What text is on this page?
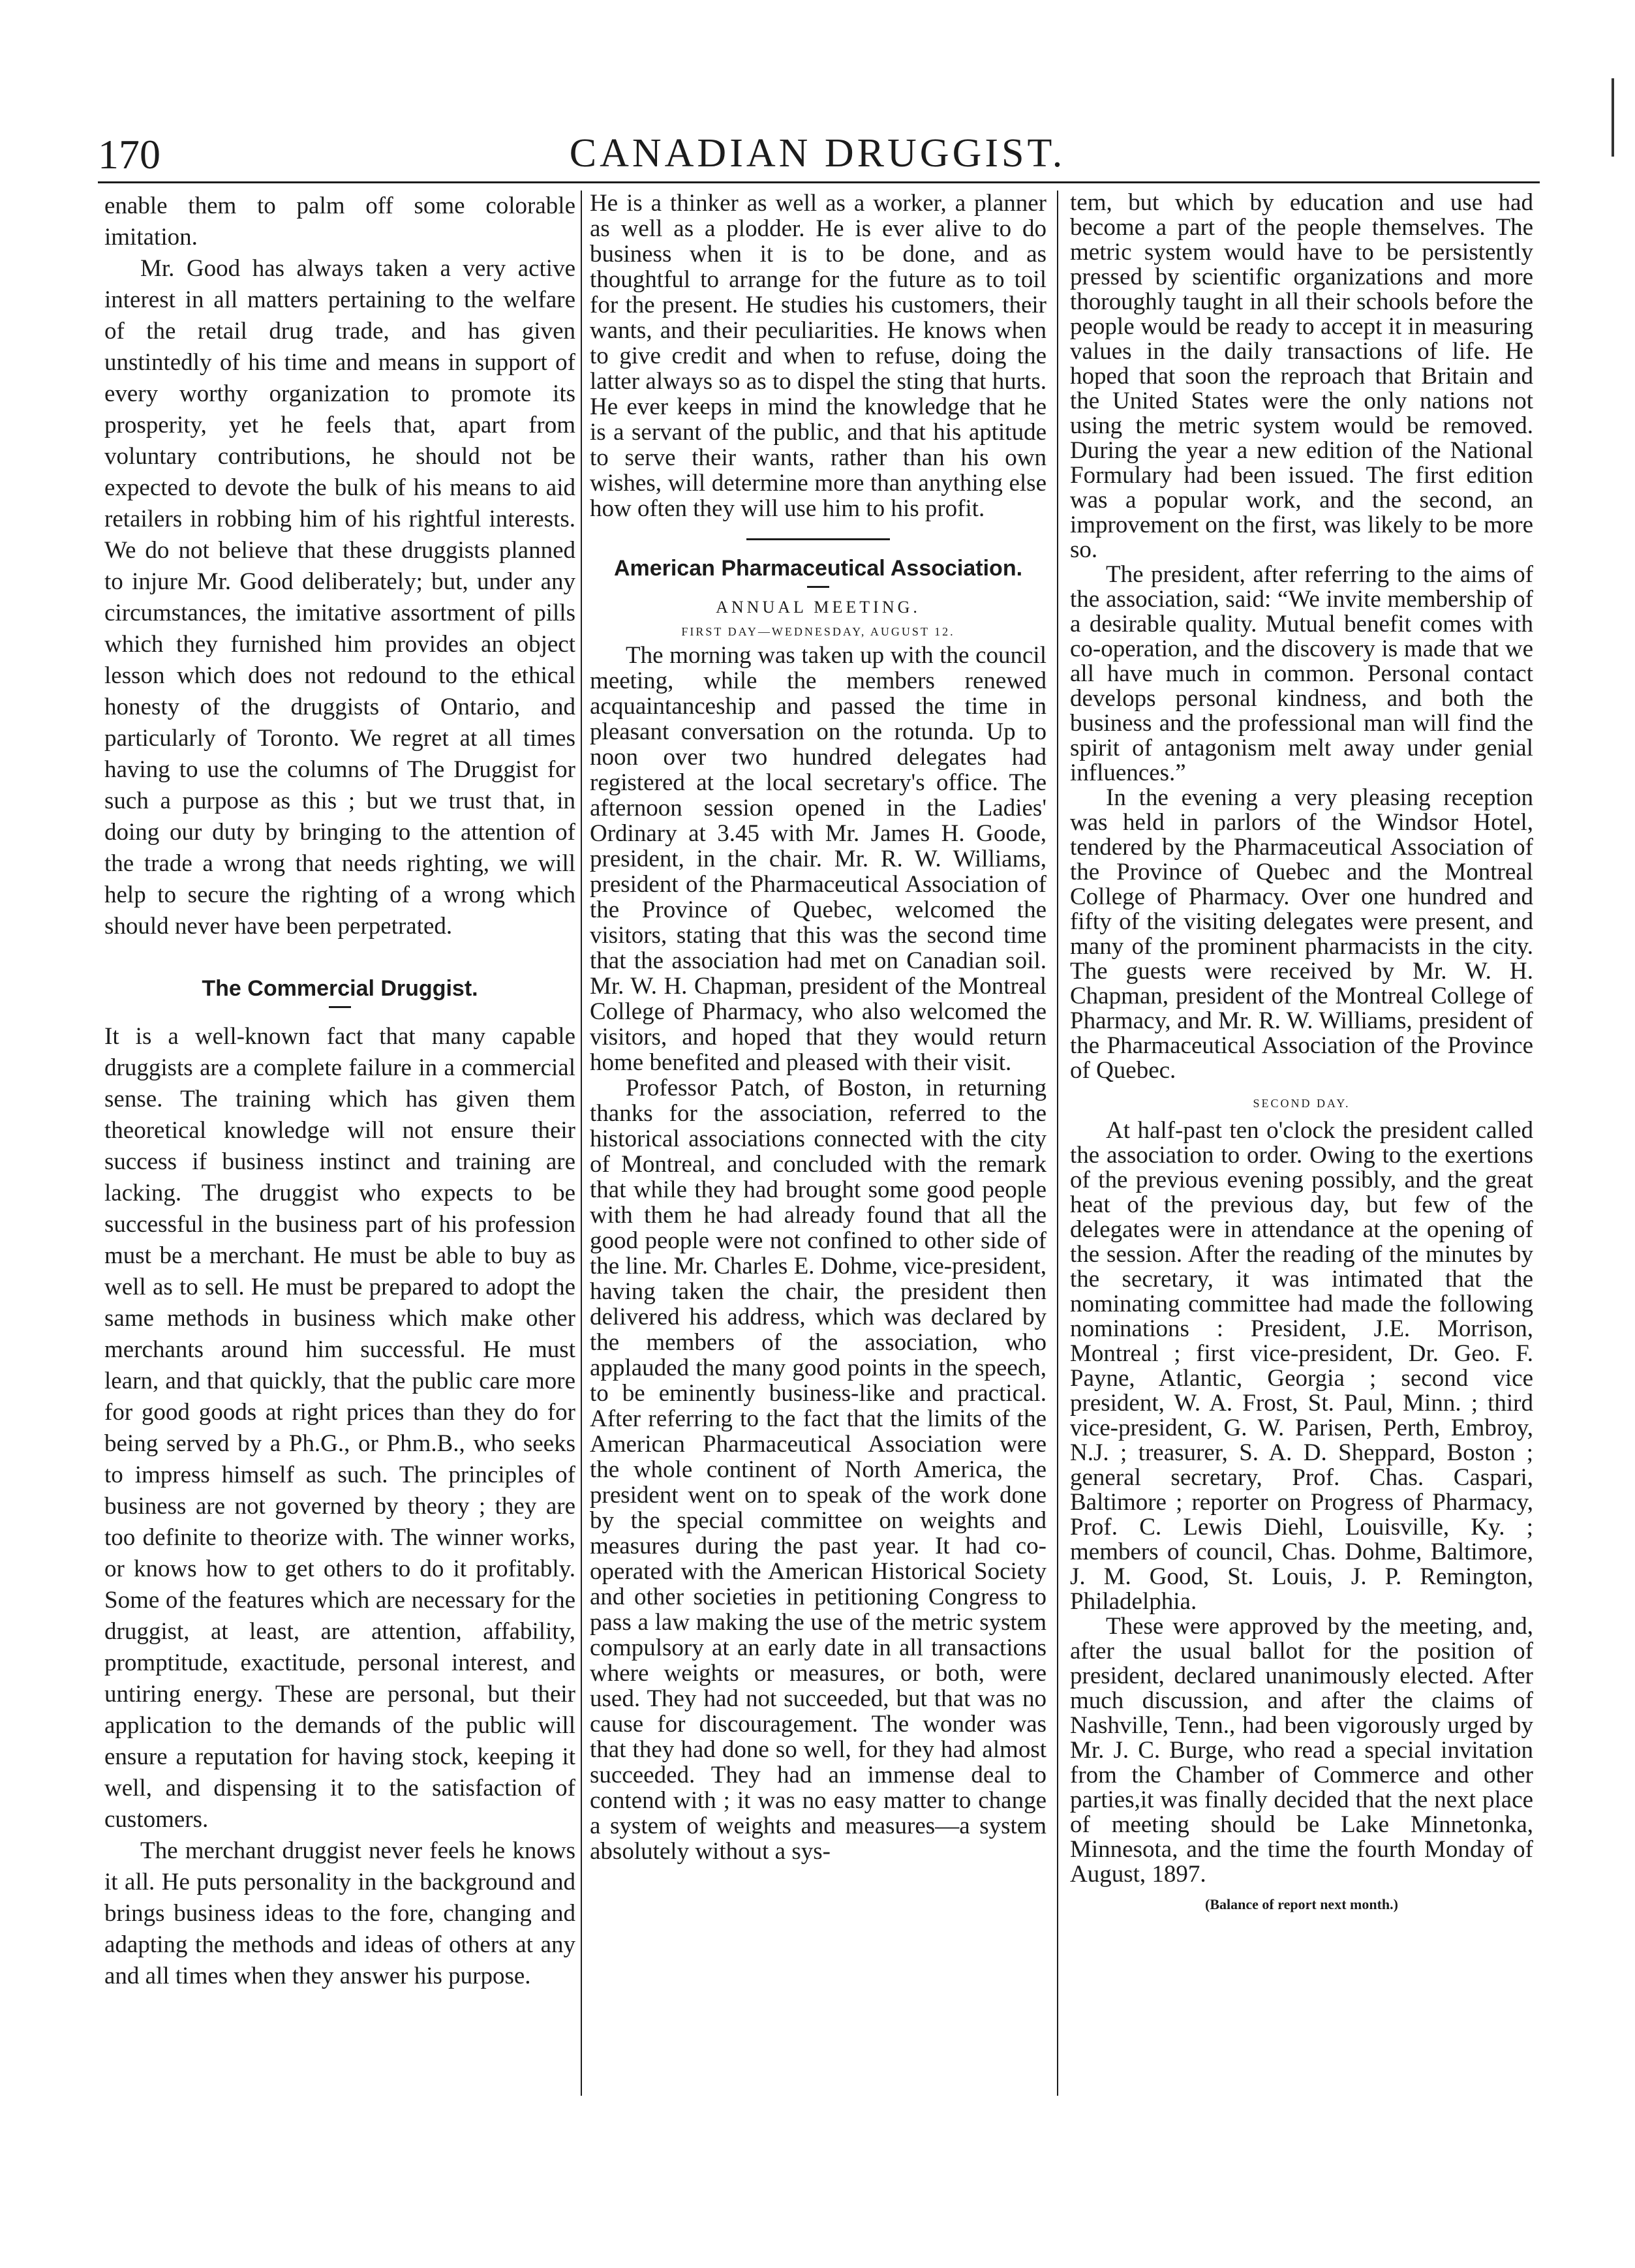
170	CANADIAN DRUGGIST.

enable them to palm off some colorable imitation.

Mr. Good has always taken a very active interest in all matters pertaining to the welfare of the retail drug trade, and has given unstintedly of his time and means in support of every worthy organization to promote its prosperity, yet he feels that, apart from voluntary contributions, he should not be expected to devote the bulk of his means to aid retailers in robbing him of his rightful interests. We do not believe that these druggists planned to injure Mr. Good deliberately; but, under any circumstances, the imitative assortment of pills which they furnished him provides an object lesson which does not redound to the ethical honesty of the druggists of Ontario, and particularly of Toronto. We regret at all times having to use the columns of The Druggist for such a purpose as this ; but we trust that, in doing our duty by bringing to the attention of the trade a wrong that needs righting, we will help to secure the righting of a wrong which should never have been perpetrated.

The Commercial Druggist.

It is a well-known fact that many capable druggists are a complete failure in a commercial sense. The training which has given them theoretical knowledge will not ensure their success if business instinct and training are lacking. The druggist who expects to be successful in the business part of his profession must be a merchant. He must be able to buy as well as to sell. He must be prepared to adopt the same methods in business which make other merchants around him successful. He must learn, and that quickly, that the public care more for good goods at right prices than they do for being served by a Ph.G., or Phm.B., who seeks to impress himself as such. The principles of business are not governed by theory ; they are too definite to theorize with. The winner works, or knows how to get others to do it profitably. Some of the features which are necessary for the druggist, at least, are attention, affability, promptitude, exactitude, personal interest, and untiring energy. These are personal, but their application to the demands of the public will ensure a reputation for having stock, keeping it well, and dispensing it to the satisfaction of customers.

The merchant druggist never feels he knows it all. He puts personality in the background and brings business ideas to the fore, changing and adapting the methods and ideas of others at any and all times when they answer his purpose.

He is a thinker as well as a worker, a planner as well as a plodder. He is ever alive to do business when it is to be done, and as thoughtful to arrange for the future as to toil for the present. He studies his customers, their wants, and their peculiarities. He knows when to give credit and when to refuse, doing the latter always so as to dispel the sting that hurts. He ever keeps in mind the knowledge that he is a servant of the public, and that his aptitude to serve their wants, rather than his own wishes, will determine more than anything else how often they will use him to his profit.

American Pharmaceutical Association.

ANNUAL MEETING.

FIRST DAY—WEDNESDAY, AUGUST 12.

The morning was taken up with the council meeting, while the members renewed acquaintanceship and passed the time in pleasant conversation on the rotunda. Up to noon over two hundred delegates had registered at the local secretary's office. The afternoon session opened in the Ladies' Ordinary at 3.45 with Mr. James H. Goode, president, in the chair. Mr. R. W. Williams, president of the Pharmaceutical Association of the Province of Quebec, welcomed the visitors, stating that this was the second time that the association had met on Canadian soil. Mr. W. H. Chapman, president of the Montreal College of Pharmacy, who also welcomed the visitors, and hoped that they would return home benefited and pleased with their visit.

Professor Patch, of Boston, in returning thanks for the association, referred to the historical associations connected with the city of Montreal, and concluded with the remark that while they had brought some good people with them he had already found that all the good people were not confined to other side of the line. Mr. Charles E. Dohme, vice-president, having taken the chair, the president then delivered his address, which was declared by the members of the association, who applauded the many good points in the speech, to be eminently business-like and practical. After referring to the fact that the limits of the American Pharmaceutical Association were the whole continent of North America, the president went on to speak of the work done by the special committee on weights and measures during the past year. It had co-operated with the American Historical Society and other societies in petitioning Congress to pass a law making the use of the metric system compulsory at an early date in all transactions where weights or measures, or both, were used. They had not succeeded, but that was no cause for discouragement. The wonder was that they had done so well, for they had almost succeeded. They had an immense deal to contend with ; it was no easy matter to change a system of weights and measures—a system absolutely without a sys-

tem, but which by education and use had become a part of the people themselves. The metric system would have to be persistently pressed by scientific organizations and more thoroughly taught in all their schools before the people would be ready to accept it in measuring values in the daily transactions of life. He hoped that soon the reproach that Britain and the United States were the only nations not using the metric system would be removed. During the year a new edition of the National Formulary had been issued. The first edition was a popular work, and the second, an improvement on the first, was likely to be more so.

The president, after referring to the aims of the association, said: “We invite membership of a desirable quality. Mutual benefit comes with co-operation, and the discovery is made that we all have much in common. Personal contact develops personal kindness, and both the business and the professional man will find the spirit of antagonism melt away under genial influences.”

In the evening a very pleasing reception was held in parlors of the Windsor Hotel, tendered by the Pharmaceutical Association of the Province of Quebec and the Montreal College of Pharmacy. Over one hundred and fifty of the visiting delegates were present, and many of the prominent pharmacists in the city. The guests were received by Mr. W. H. Chapman, president of the Montreal College of Pharmacy, and Mr. R. W. Williams, president of the Pharmaceutical Association of the Province of Quebec.

SECOND DAY.

At half-past ten o'clock the president called the association to order. Owing to the exertions of the previous evening possibly, and the great heat of the previous day, but few of the delegates were in attendance at the opening of the session. After the reading of the minutes by the secretary, it was intimated that the nominating committee had made the following nominations : President, J.E. Morrison, Montreal ; first vice-president, Dr. Geo. F. Payne, Atlantic, Georgia ; second vice president, W. A. Frost, St. Paul, Minn. ; third vice-president, G. W. Parisen, Perth, Embroy, N.J. ; treasurer, S. A. D. Sheppard, Boston ; general secretary, Prof. Chas. Caspari, Baltimore ; reporter on Progress of Pharmacy, Prof. C. Lewis Diehl, Louisville, Ky. ; members of council, Chas. Dohme, Baltimore, J. M. Good, St. Louis, J. P. Remington, Philadelphia.

These were approved by the meeting, and, after the usual ballot for the position of president, declared unanimously elected. After much discussion, and after the claims of Nashville, Tenn., had been vigorously urged by Mr. J. C. Burge, who read a special invitation from the Chamber of Commerce and other parties,it was finally decided that the next place of meeting should be Lake Minnetonka, Minnesota, and the time the fourth Monday of August, 1897.

(Balance of report next month.)
